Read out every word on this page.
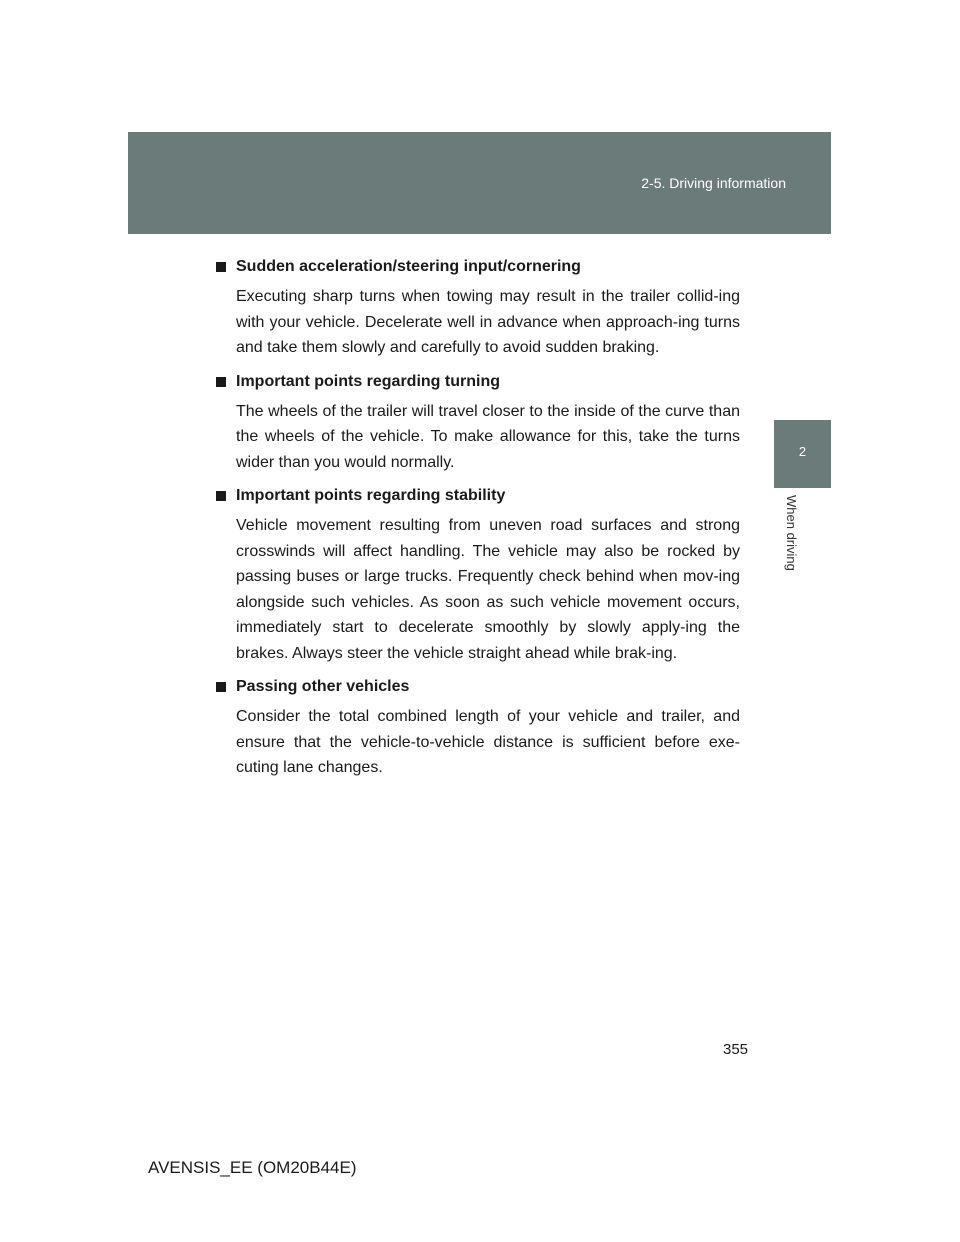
2-5. Driving information
2
When driving
Sudden acceleration/steering input/cornering

Executing sharp turns when towing may result in the trailer collid-ing with your vehicle. Decelerate well in advance when approach-ing turns and take them slowly and carefully to avoid sudden braking.

Important points regarding turning

The wheels of the trailer will travel closer to the inside of the curve than the wheels of the vehicle. To make allowance for this, take the turns wider than you would normally.

Important points regarding stability

Vehicle movement resulting from uneven road surfaces and strong crosswinds will affect handling. The vehicle may also be rocked by passing buses or large trucks. Frequently check behind when mov-ing alongside such vehicles. As soon as such vehicle movement occurs, immediately start to decelerate smoothly by slowly apply-ing the brakes. Always steer the vehicle straight ahead while brak-ing.

Passing other vehicles

Consider the total combined length of your vehicle and trailer, and ensure that the vehicle-to-vehicle distance is sufficient before exe-cuting lane changes.

355
AVENSIS_EE (OM20B44E)
